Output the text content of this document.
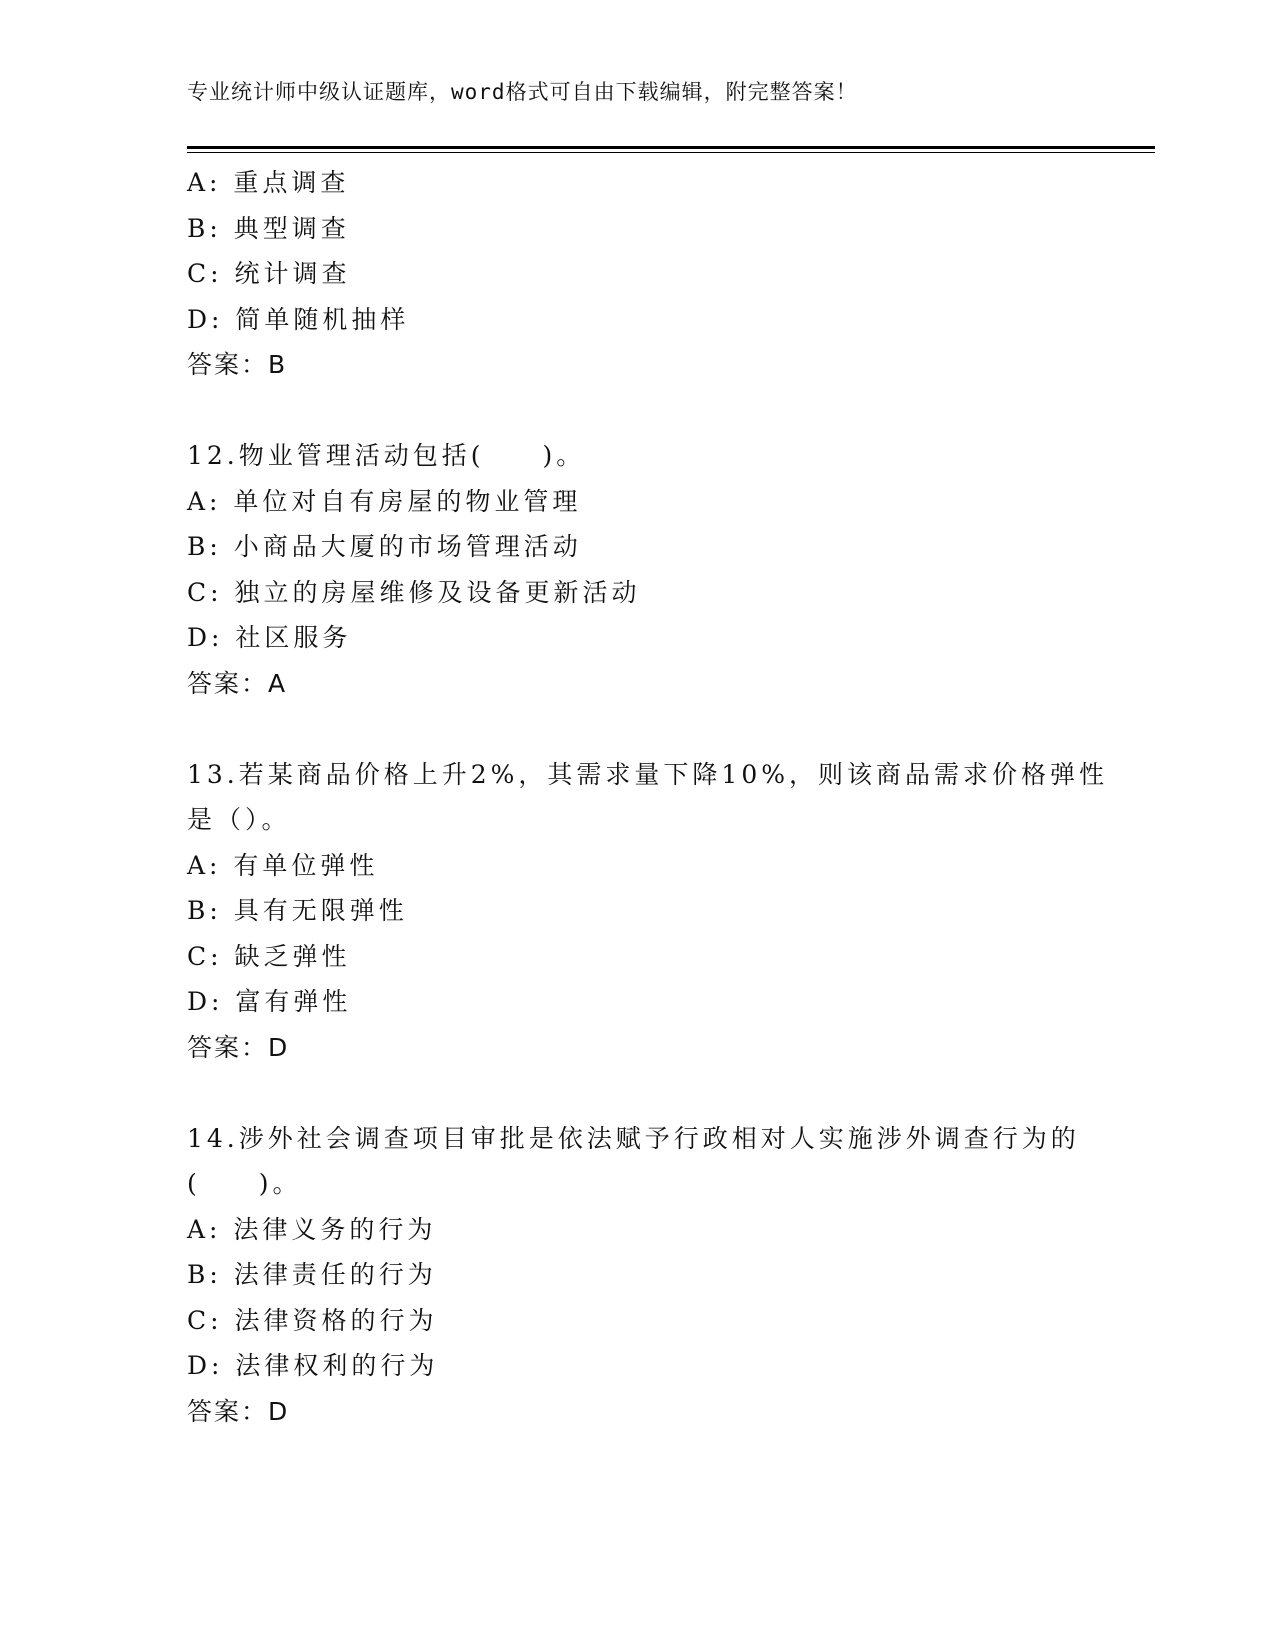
专业统计师中级认证题库，word格式可自由下载编辑，附完整答案！
A: 重点调查
B: 典型调查
C: 统计调查
D: 简单随机抽样
答案：B
12.物业管理活动包括(　　)。
A: 单位对自有房屋的物业管理
B: 小商品大厦的市场管理活动
C: 独立的房屋维修及设备更新活动
D: 社区服务
答案：A
13.若某商品价格上升2%，其需求量下降10%，则该商品需求价格弹性
是（）。
A: 有单位弹性
B: 具有无限弹性
C: 缺乏弹性
D: 富有弹性
答案：D
14.涉外社会调查项目审批是依法赋予行政相对人实施涉外调查行为的
(　　)。
A: 法律义务的行为
B: 法律责任的行为
C: 法律资格的行为
D: 法律权利的行为
答案：D
